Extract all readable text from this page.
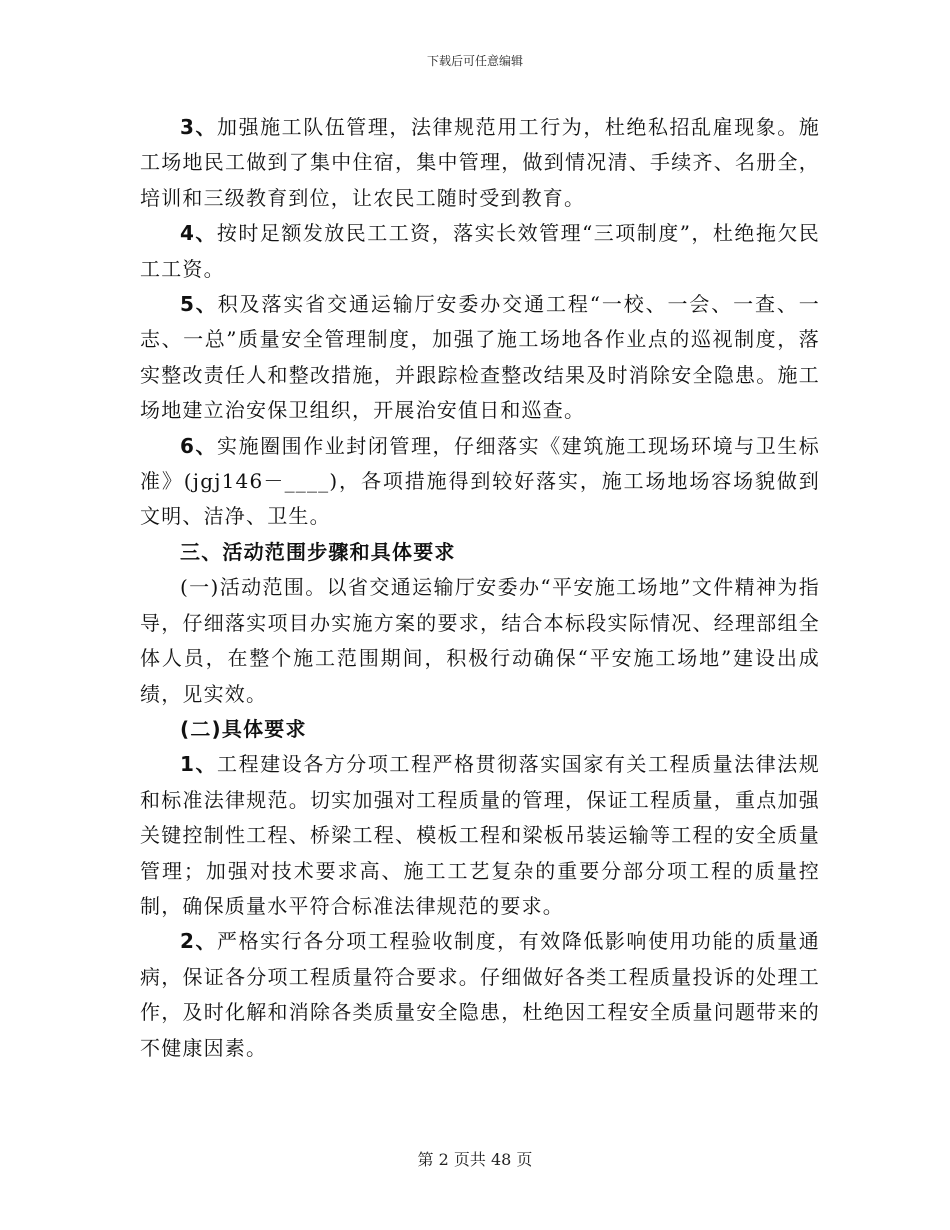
下载后可任意编辑

3、加强施工队伍管理，法律规范用工行为，杜绝私招乱雇现象。施工场地民工做到了集中住宿，集中管理，做到情况清、手续齐、名册全，培训和三级教育到位，让农民工随时受到教育。

4、按时足额发放民工工资，落实长效管理“三项制度”，杜绝拖欠民工工资。

5、积及落实省交通运输厅安委办交通工程“一校、一会、一查、一志、一总”质量安全管理制度，加强了施工场地各作业点的巡视制度，落实整改责任人和整改措施，并跟踪检查整改结果及时消除安全隐患。施工场地建立治安保卫组织，开展治安值日和巡查。

6、实施圈围作业封闭管理，仔细落实《建筑施工现场环境与卫生标准》(jgj146－____)，各项措施得到较好落实，施工场地场容场貌做到文明、洁净、卫生。

三、活动范围步骤和具体要求

(一)活动范围。以省交通运输厅安委办“平安施工场地”文件精神为指导，仔细落实项目办实施方案的要求，结合本标段实际情况、经理部组全体人员，在整个施工范围期间，积极行动确保“平安施工场地”建设出成绩，见实效。

(二)具体要求

1、工程建设各方分项工程严格贯彻落实国家有关工程质量法律法规和标准法律规范。切实加强对工程质量的管理，保证工程质量，重点加强关键控制性工程、桥梁工程、模板工程和梁板吊装运输等工程的安全质量管理；加强对技术要求高、施工工艺复杂的重要分部分项工程的质量控制，确保质量水平符合标准法律规范的要求。

2、严格实行各分项工程验收制度，有效降低影响使用功能的质量通病，保证各分项工程质量符合要求。仔细做好各类工程质量投诉的处理工作，及时化解和消除各类质量安全隐患，杜绝因工程安全质量问题带来的不健康因素。

第 2 页共 48 页
